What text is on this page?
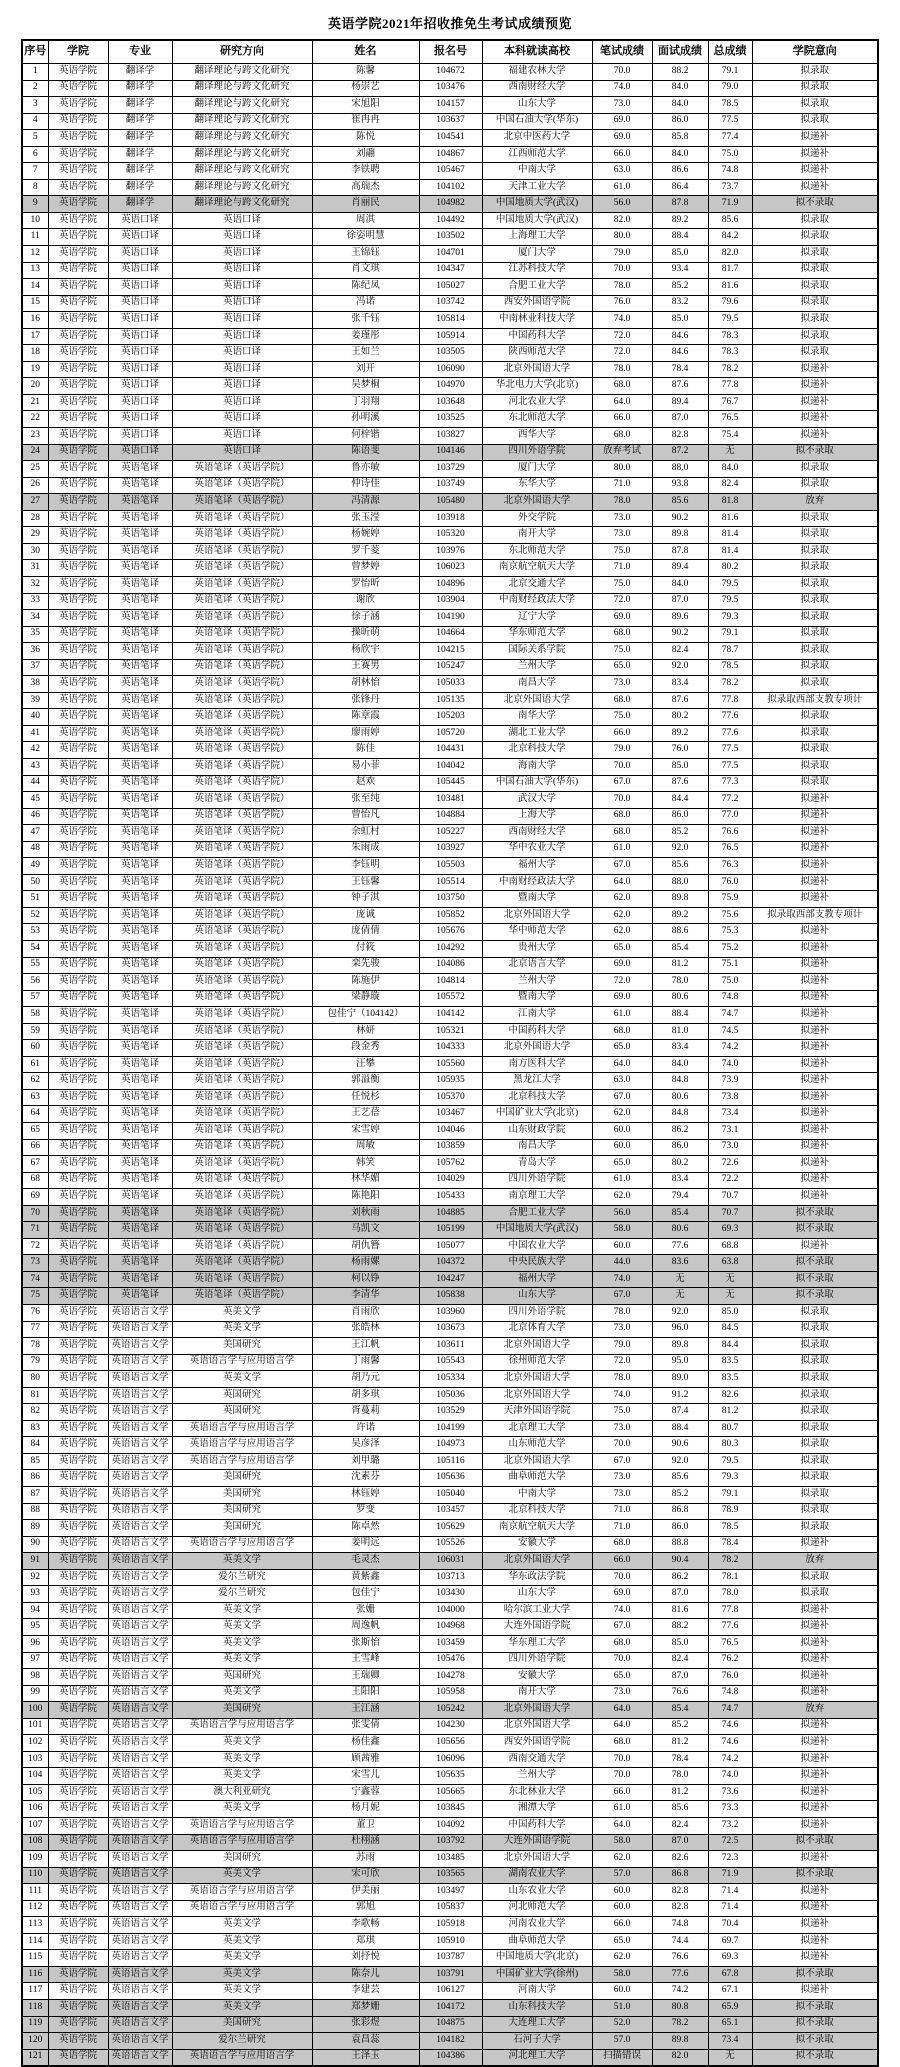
英语学院2021年招收推免生考试成绩预览
序号	学院	专业	研究方向	姓名	报名号	本科就读高校	笔试成绩	面试成绩	总成绩	学院意向
1	英语学院	翻译学	翻译理论与跨文化研究	陈馨	104672	福建农林大学	70.0	88.2	79.1	拟录取
2	英语学院	翻译学	翻译理论与跨文化研究	杨崇艺	103476	西南财经大学	74.0	84.0	79.0	拟录取
3	英语学院	翻译学	翻译理论与跨文化研究	宋旭阳	104157	山东大学	73.0	84.0	78.5	拟录取
4	英语学院	翻译学	翻译理论与跨文化研究	崔冉冉	103637	中国石油大学(华东)	69.0	86.0	77.5	拟录取
5	英语学院	翻译学	翻译理论与跨文化研究	陈悦	104541	北京中医药大学	69.0	85.8	77.4	拟递补
6	英语学院	翻译学	翻译理论与跨文化研究	刘翮	104867	江西师范大学	66.0	84.0	75.0	拟递补
7	英语学院	翻译学	翻译理论与跨文化研究	李铁聘	105467	中南大学	63.0	86.6	74.8	拟递补
8	英语学院	翻译学	翻译理论与跨文化研究	高瑞杰	104102	天津工业大学	61.0	86.4	73.7	拟递补
9	英语学院	翻译学	翻译理论与跨文化研究	肖丽民	104982	中国地质大学(武汉)	56.0	87.8	71.9	拟不录取
10	英语学院	英语口译	英语口译	周淇	104492	中国地质大学(武汉)	82.0	89.2	85.6	拟录取
11	英语学院	英语口译	英语口译	徐姿明慧	103502	上海理工大学	80.0	88.4	84.2	拟录取
12	英语学院	英语口译	英语口译	王锦钰	104701	厦门大学	79.0	85.0	82.0	拟录取
13	英语学院	英语口译	英语口译	肖文琪	104347	江苏科技大学	70.0	93.4	81.7	拟录取
14	英语学院	英语口译	英语口译	陈纪凤	105027	合肥工业大学	78.0	85.2	81.6	拟录取
15	英语学院	英语口译	英语口译	冯诺	103742	西安外国语学院	76.0	83.2	79.6	拟录取
16	英语学院	英语口译	英语口译	张千钰	105814	中南林业科技大学	74.0	85.0	79.5	拟录取
17	英语学院	英语口译	英语口译	姜瑾彤	105914	中国药科大学	72.0	84.6	78.3	拟录取
18	英语学院	英语口译	英语口译	王如兰	103505	陕西师范大学	72.0	84.6	78.3	拟录取
19	英语学院	英语口译	英语口译	刘开	106090	北京外国语大学	78.0	78.4	78.2	拟递补
20	英语学院	英语口译	英语口译	吴梦桐	104970	华北电力大学(北京)	68.0	87.6	77.8	拟递补
21	英语学院	英语口译	英语口译	丁羽翔	103648	河北农业大学	64.0	89.4	76.7	拟递补
22	英语学院	英语口译	英语口译	孙明溪	103525	东北师范大学	66.0	87.0	76.5	拟递补
23	英语学院	英语口译	英语口译	何梓锴	103827	西华大学	68.0	82.8	75.4	拟递补
24	英语学院	英语口译	英语口译	陈语斐	104146	四川外语学院	放弃考试	87.2	无	拟不录取
25	英语学院	英语笔译	英语笔译（英语学院）	鲁亦敏	103729	厦门大学	80.0	88.0	84.0	拟录取
26	英语学院	英语笔译	英语笔译（英语学院）	仲诗佳	103749	东华大学	71.0	93.8	82.4	拟录取
27	英语学院	英语笔译	英语笔译（英语学院）	冯清源	105480	北京外国语大学	78.0	85.6	81.8	放弃
28	英语学院	英语笔译	英语笔译（英语学院）	张玉滢	103918	外交学院	73.0	90.2	81.6	拟录取
29	英语学院	英语笔译	英语笔译（英语学院）	杨婉婷	105320	南开大学	73.0	89.8	81.4	拟录取
30	英语学院	英语笔译	英语笔译（英语学院）	罗千菱	103976	东北师范大学	75.0	87.8	81.4	拟录取
31	英语学院	英语笔译	英语笔译（英语学院）	曾梦婷	106023	南京航空航天大学	71.0	89.4	80.2	拟录取
32	英语学院	英语笔译	英语笔译（英语学院）	罗怡昕	104896	北京交通大学	75.0	84.0	79.5	拟录取
33	英语学院	英语笔译	英语笔译（英语学院）	谢欣	103904	中南财经政法大学	72.0	87.0	79.5	拟录取
34	英语学院	英语笔译	英语笔译（英语学院）	徐子涵	104190	辽宁大学	69.0	89.6	79.3	拟录取
35	英语学院	英语笔译	英语笔译（英语学院）	操昕萌	104664	华东师范大学	68.0	90.2	79.1	拟录取
36	英语学院	英语笔译	英语笔译（英语学院）	杨欣宇	104215	国际关系学院	75.0	82.4	78.7	拟录取
37	英语学院	英语笔译	英语笔译（英语学院）	王赛男	105247	兰州大学	65.0	92.0	78.5	拟录取
38	英语学院	英语笔译	英语笔译（英语学院）	胡林怡	105033	南昌大学	73.0	83.4	78.2	拟录取
39	英语学院	英语笔译	英语笔译（英语学院）	张锋丹	105135	北京外国语大学	68.0	87.6	77.8	拟录取西部支教专项计
40	英语学院	英语笔译	英语笔译（英语学院）	陈章霞	105203	南华大学	75.0	80.2	77.6	拟录取
41	英语学院	英语笔译	英语笔译（英语学院）	廖雨婷	105720	湖北工业大学	66.0	89.2	77.6	拟录取
42	英语学院	英语笔译	英语笔译（英语学院）	陈佳	104431	北京科技大学	79.0	76.0	77.5	拟录取
43	英语学院	英语笔译	英语笔译（英语学院）	易小菲	104042	海南大学	70.0	85.0	77.5	拟录取
44	英语学院	英语笔译	英语笔译（英语学院）	赵欢	105445	中国石油大学(华东)	67.0	87.6	77.3	拟录取
45	英语学院	英语笔译	英语笔译（英语学院）	张至纯	103481	武汉大学	70.0	84.4	77.2	拟递补
46	英语学院	英语笔译	英语笔译（英语学院）	曾怡凡	104884	上海大学	68.0	86.0	77.0	拟递补
47	英语学院	英语笔译	英语笔译（英语学院）	余虹村	105227	西南财经大学	68.0	85.2	76.6	拟递补
48	英语学院	英语笔译	英语笔译（英语学院）	朱雨成	103927	华中农业大学	61.0	92.0	76.5	拟递补
49	英语学院	英语笔译	英语笔译（英语学院）	李钰明	105503	福州大学	67.0	85.6	76.3	拟递补
50	英语学院	英语笔译	英语笔译（英语学院）	王钰馨	105514	中南财经政法大学	64.0	88.0	76.0	拟递补
51	英语学院	英语笔译	英语笔译（英语学院）	钟子淇	103750	暨南大学	62.0	89.8	75.9	拟递补
52	英语学院	英语笔译	英语笔译（英语学院）	庞诚	105852	北京外国语大学	62.0	89.2	75.6	拟录取西部支教专项计
53	英语学院	英语笔译	英语笔译（英语学院）	庞倩倩	105676	华中师范大学	62.0	88.6	75.3	拟递补
54	英语学院	英语笔译	英语笔译（英语学院）	付筱	104292	贵州大学	65.0	85.4	75.2	拟递补
55	英语学院	英语笔译	英语笔译（英语学院）	栾先骏	104086	北京语言大学	69.0	81.2	75.1	拟递补
56	英语学院	英语笔译	英语笔译（英语学院）	陈施伊	104814	兰州大学	72.0	78.0	75.0	拟递补
57	英语学院	英语笔译	英语笔译（英语学院）	梁静璇	105572	暨南大学	69.0	80.6	74.8	拟递补
58	英语学院	英语笔译	英语笔译（英语学院）	包佳宁（104142）	104142	江南大学	61.0	88.4	74.7	拟递补
59	英语学院	英语笔译	英语笔译（英语学院）	林妍	105321	中国药科大学	68.0	81.0	74.5	拟递补
60	英语学院	英语笔译	英语笔译（英语学院）	段金秀	104333	北京外国语大学	65.0	83.4	74.2	拟递补
61	英语学院	英语笔译	英语笔译（英语学院）	汪攀	105560	南方医科大学	64.0	84.0	74.0	拟递补
62	英语学院	英语笔译	英语笔译（英语学院）	郭溢衡	105935	黑龙江大学	63.0	84.8	73.9	拟递补
63	英语学院	英语笔译	英语笔译（英语学院）	任悦杉	105370	北京科技大学	67.0	80.6	73.8	拟递补
64	英语学院	英语笔译	英语笔译（英语学院）	王艺蓓	103467	中国矿业大学(北京)	62.0	84.8	73.4	拟递补
65	英语学院	英语笔译	英语笔译（英语学院）	宋雪婷	104046	山东财政学院	60.0	86.2	73.1	拟递补
66	英语学院	英语笔译	英语笔译（英语学院）	周敏	103859	南昌大学	60.0	86.0	73.0	拟递补
67	英语学院	英语笔译	英语笔译（英语学院）	韩笑	105762	青岛大学	65.0	80.2	72.6	拟递补
68	英语学院	英语笔译	英语笔译（英语学院）	林华媚	104029	四川外语学院	61.0	83.4	72.2	拟递补
69	英语学院	英语笔译	英语笔译（英语学院）	陈艳阳	105433	南京理工大学	62.0	79.4	70.7	拟递补
70	英语学院	英语笔译	英语笔译（英语学院）	刘秋雨	104885	合肥工业大学	56.0	85.4	70.7	拟不录取
71	英语学院	英语笔译	英语笔译（英语学院）	马凯文	105199	中国地质大学(武汉)	58.0	80.6	69.3	拟不录取
72	英语学院	英语笔译	英语笔译（英语学院）	胡仇簪	105077	中国农业大学	60.0	77.6	68.8	拟递补
73	英语学院	英语笔译	英语笔译（英语学院）	杨雨嫘	104372	中央民族大学	44.0	83.6	63.8	拟不录取
74	英语学院	英语笔译	英语笔译（英语学院）	柯以铮	104247	福州大学	74.0	无	无	拟不录取
75	英语学院	英语笔译	英语笔译（英语学院）	李清华	105838	山东大学	67.0	无	无	拟不录取
76	英语学院	英语语言文学	英美文学	肖雨欣	103960	四川外语学院	78.0	92.0	85.0	拟录取
77	英语学院	英语语言文学	英美文学	张皓林	103673	北京体育大学	73.0	96.0	84.5	拟录取
78	英语学院	英语语言文学	美国研究	王江帆	103611	北京外国语大学	79.0	89.8	84.4	拟录取
79	英语学院	英语语言文学	英语语言学与应用语言学	丁雨馨	105543	徐州师范大学	72.0	95.0	83.5	拟录取
80	英语学院	英语语言文学	英美文学	胡乃元	105334	北京外国语大学	78.0	89.0	83.5	拟录取
81	英语学院	英语语言文学	英国研究	胡多琪	105036	北京外国语大学	74.0	91.2	82.6	拟录取
82	英语学院	英语语言文学	英国研究	胥蔓莉	103529	天津外国语学院	75.0	87.4	81.2	拟录取
83	英语学院	英语语言文学	英语语言学与应用语言学	许诺	104199	北京理工大学	73.0	88.4	80.7	拟录取
84	英语学院	英语语言文学	英语语言学与应用语言学	吴彦泽	104973	山东师范大学	70.0	90.6	80.3	拟录取
85	英语学院	英语语言文学	英语语言学与应用语言学	刘甲璐	105116	北京外国语大学	67.0	92.0	79.5	拟录取
86	英语学院	英语语言文学	美国研究	沈素芬	105636	曲阜师范大学	73.0	85.6	79.3	拟录取
87	英语学院	英语语言文学	美国研究	林钰婷	105040	中南大学	73.0	85.2	79.1	拟录取
88	英语学院	英语语言文学	美国研究	罗变	103457	北京科技大学	71.0	86.8	78.9	拟录取
89	英语学院	英语语言文学	美国研究	陈卓然	105629	南京航空航天大学	71.0	86.0	78.5	拟录取
90	英语学院	英语语言文学	英语语言学与应用语言学	姜明远	105526	安徽大学	68.0	88.8	78.4	拟递补
91	英语学院	英语语言文学	英美文学	毛灵杰	106031	北京外国语大学	66.0	90.4	78.2	放弃
92	英语学院	英语语言文学	爱尔兰研究	黄紫鑫	103713	华东政法学院	70.0	86.2	78.1	拟录取
93	英语学院	英语语言文学	爱尔兰研究	包佳宁	103430	山东大学	69.0	87.0	78.0	拟录取
94	英语学院	英语语言文学	英美文学	张姗	104000	哈尔滨工业大学	74.0	81.6	77.8	拟递补
95	英语学院	英语语言文学	英美文学	周逸帆	104968	大连外国语学院	67.0	88.2	77.6	拟递补
96	英语学院	英语语言文学	英美文学	张斯怡	103459	华东理工大学	68.0	85.0	76.5	拟递补
97	英语学院	英语语言文学	英美文学	王雪峰	105476	四川外语学院	70.0	82.4	76.2	拟递补
98	英语学院	英语语言文学	英国研究	王瑞卿	104278	安徽大学	65.0	87.0	76.0	拟递补
99	英语学院	英语语言文学	英美文学	王阳阳	105958	南开大学	73.0	76.6	74.8	拟递补
100	英语学院	英语语言文学	美国研究	王江涵	105242	北京外国语大学	64.0	85.4	74.7	放弃
101	英语学院	英语语言文学	英语语言学与应用语言学	张雯倩	104230	北京外国语大学	64.0	85.2	74.6	拟递补
102	英语学院	英语语言文学	英美文学	杨佳鑫	105656	西安外国语学院	68.0	81.2	74.6	拟递补
103	英语学院	英语语言文学	英美文学	顾茜雅	106096	西南交通大学	70.0	78.4	74.2	拟递补
104	英语学院	英语语言文学	英美文学	宋雪儿	105635	兰州大学	70.0	78.0	74.0	拟递补
105	英语学院	英语语言文学	澳大利亚研究	宁鑫蓉	105665	东北林业大学	66.0	81.2	73.6	拟递补
106	英语学院	英语语言文学	英美文学	杨月妮	103845	湘潭大学	61.0	85.6	73.3	拟递补
107	英语学院	英语语言文学	英语语言学与应用语言学	董卫	104092	中国药科大学	64.0	82.4	73.2	拟递补
108	英语学院	英语语言文学	英语语言学与应用语言学	杜栩涵	103792	大连外国语学院	58.0	87.0	72.5	拟不录取
109	英语学院	英语语言文学	美国研究	苏雨	103485	北京外国语大学	62.0	82.6	72.3	拟递补
110	英语学院	英语语言文学	英美文学	宋可欣	103565	湖南农业大学	57.0	86.8	71.9	拟不录取
111	英语学院	英语语言文学	英语语言学与应用语言学	伊美丽	103497	山东农业大学	60.0	82.8	71.4	拟递补
112	英语学院	英语语言文学	英语语言学与应用语言学	郭旭	105837	河北师范大学	60.0	82.8	71.4	拟递补
113	英语学院	英语语言文学	英美文学	李歌畅	105918	河南农业大学	66.0	74.8	70.4	拟递补
114	英语学院	英语语言文学	英美文学	郑琪	105910	曲阜师范大学	65.0	74.4	69.7	拟递补
115	英语学院	英语语言文学	英美文学	刘抒悦	103787	中国地质大学(北京)	62.0	76.6	69.3	拟递补
116	英语学院	英语语言文学	英美文学	陈奈儿	103791	中国矿业大学(徐州)	58.0	77.6	67.8	拟不录取
117	英语学院	英语语言文学	英美文学	李建芸	106127	河南大学	60.0	74.2	67.1	拟递补
118	英语学院	英语语言文学	英美文学	郑梦姗	104172	山东科技大学	51.0	80.8	65.9	拟不录取
119	英语学院	英语语言文学	美国研究	张彩煜	104875	大连理工大学	52.0	78.2	65.1	拟不录取
120	英语学院	英语语言文学	爱尔兰研究	袁昌蕊	104182	石河子大学	57.0	89.8	73.4	拟不录取
121	英语学院	英语语言文学	英语语言学与应用语言学	王泽玉	104386	河北理工大学	扫描错误	82.0	无	拟不录取
